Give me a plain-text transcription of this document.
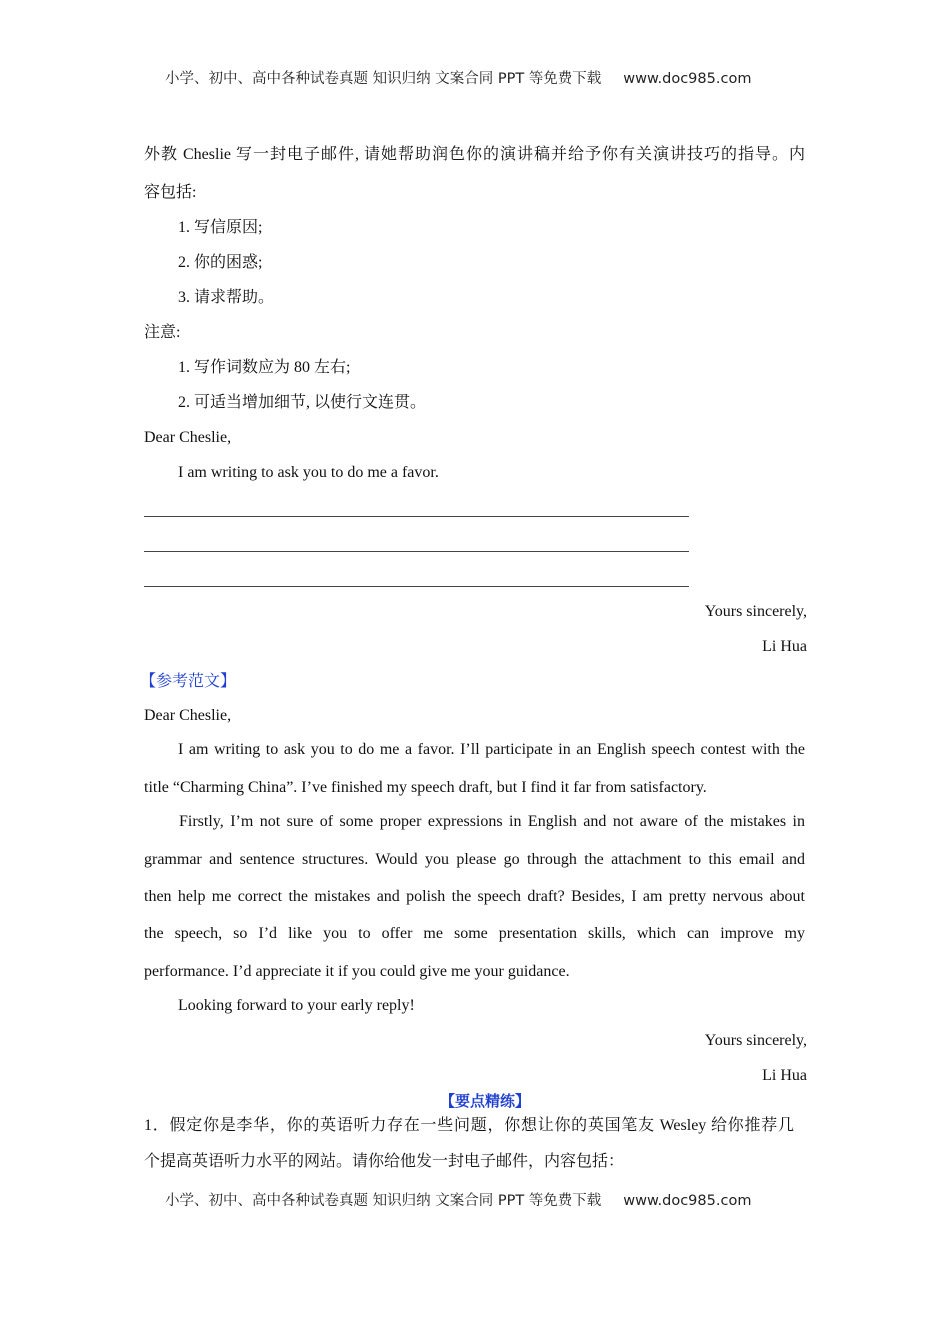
小学、初中、高中各种试卷真题 知识归纳 文案合同 PPT 等免费下载 www.doc985.com
外教 Cheslie 写一封电子邮件, 请她帮助润色你的演讲稿并给予你有关演讲技巧的指导。内
容包括:
1. 写信原因;
2. 你的困惑;
3. 请求帮助。
注意:
1. 写作词数应为 80 左右;
2. 可适当增加细节, 以使行文连贯。
Dear Cheslie,
I am writing to ask you to do me a favor.
Yours sincerely,
Li Hua
【参考范文】
Dear Cheslie,
I am writing to ask you to do me a favor. I’ll participate in an English speech contest with the
title “Charming China”. I’ve finished my speech draft, but I find it far from satisfactory.
Firstly, I’m not sure of some proper expressions in English and not aware of the mistakes in
grammar and sentence structures. Would you please go through the attachment to this email and
then help me correct the mistakes and polish the speech draft? Besides, I am pretty nervous about
the speech, so I’d like you to offer me some presentation skills, which can improve my
performance. I’d appreciate it if you could give me your guidance.
Looking forward to your early reply!
Yours sincerely,
Li Hua
【要点精练】
1．假定你是李华，你的英语听力存在一些问题，你想让你的英国笔友 Wesley 给你推荐几
个提高英语听力水平的网站。请你给他发一封电子邮件，内容包括：
小学、初中、高中各种试卷真题 知识归纳 文案合同 PPT 等免费下载 www.doc985.com
